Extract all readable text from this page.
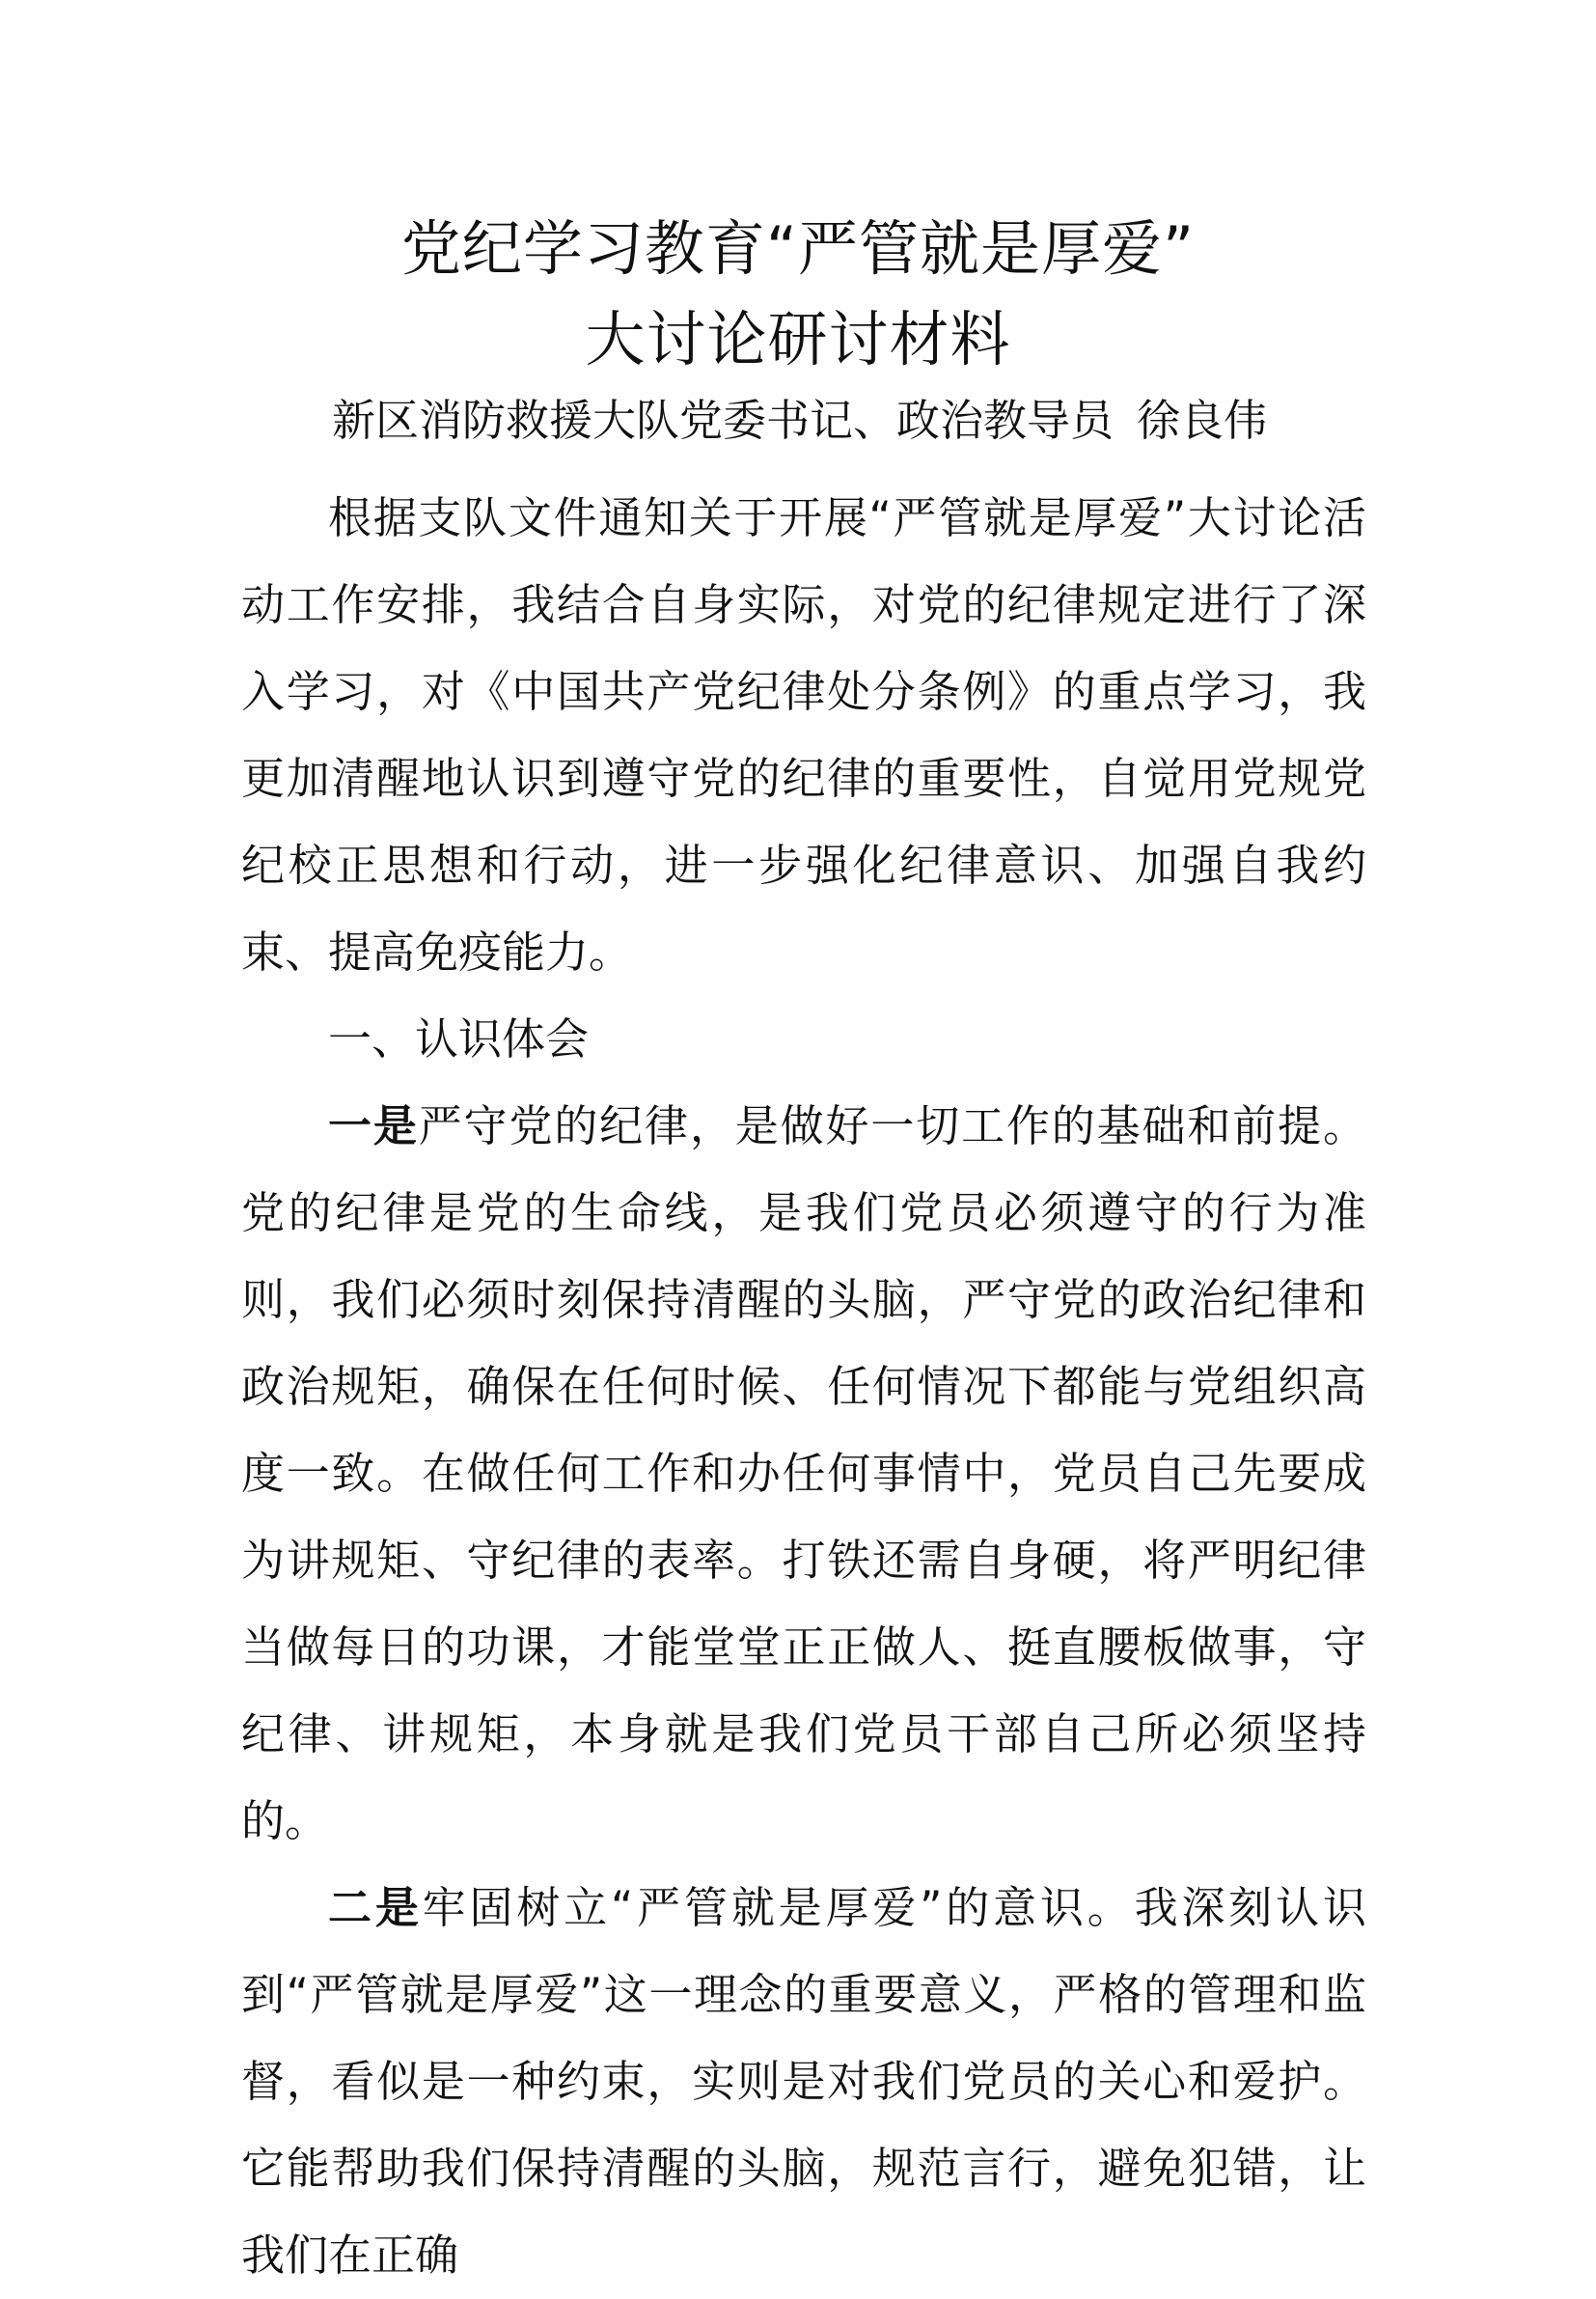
党纪学习教育“严管就是厚爱”
大讨论研讨材料
新区消防救援大队党委书记、政治教导员 徐良伟

根据支队文件通知关于开展“严管就是厚爱”大讨论活动工作安排，我结合自身实际，对党的纪律规定进行了深入学习，对《中国共产党纪律处分条例》的重点学习，我更加清醒地认识到遵守党的纪律的重要性，自觉用党规党纪校正思想和行动，进一步强化纪律意识、加强自我约束、提高免疫能力。

一、认识体会

一是严守党的纪律，是做好一切工作的基础和前提。党的纪律是党的生命线，是我们党员必须遵守的行为准则，我们必须时刻保持清醒的头脑，严守党的政治纪律和政治规矩，确保在任何时候、任何情况下都能与党组织高度一致。在做任何工作和办任何事情中，党员自己先要成为讲规矩、守纪律的表率。打铁还需自身硬，将严明纪律当做每日的功课，才能堂堂正正做人、挺直腰板做事，守纪律、讲规矩，本身就是我们党员干部自己所必须坚持的。

二是牢固树立“严管就是厚爱”的意识。我深刻认识到“严管就是厚爱”这一理念的重要意义，严格的管理和监督，看似是一种约束，实则是对我们党员的关心和爱护。它能帮助我们保持清醒的头脑，规范言行，避免犯错，让我们在正确
